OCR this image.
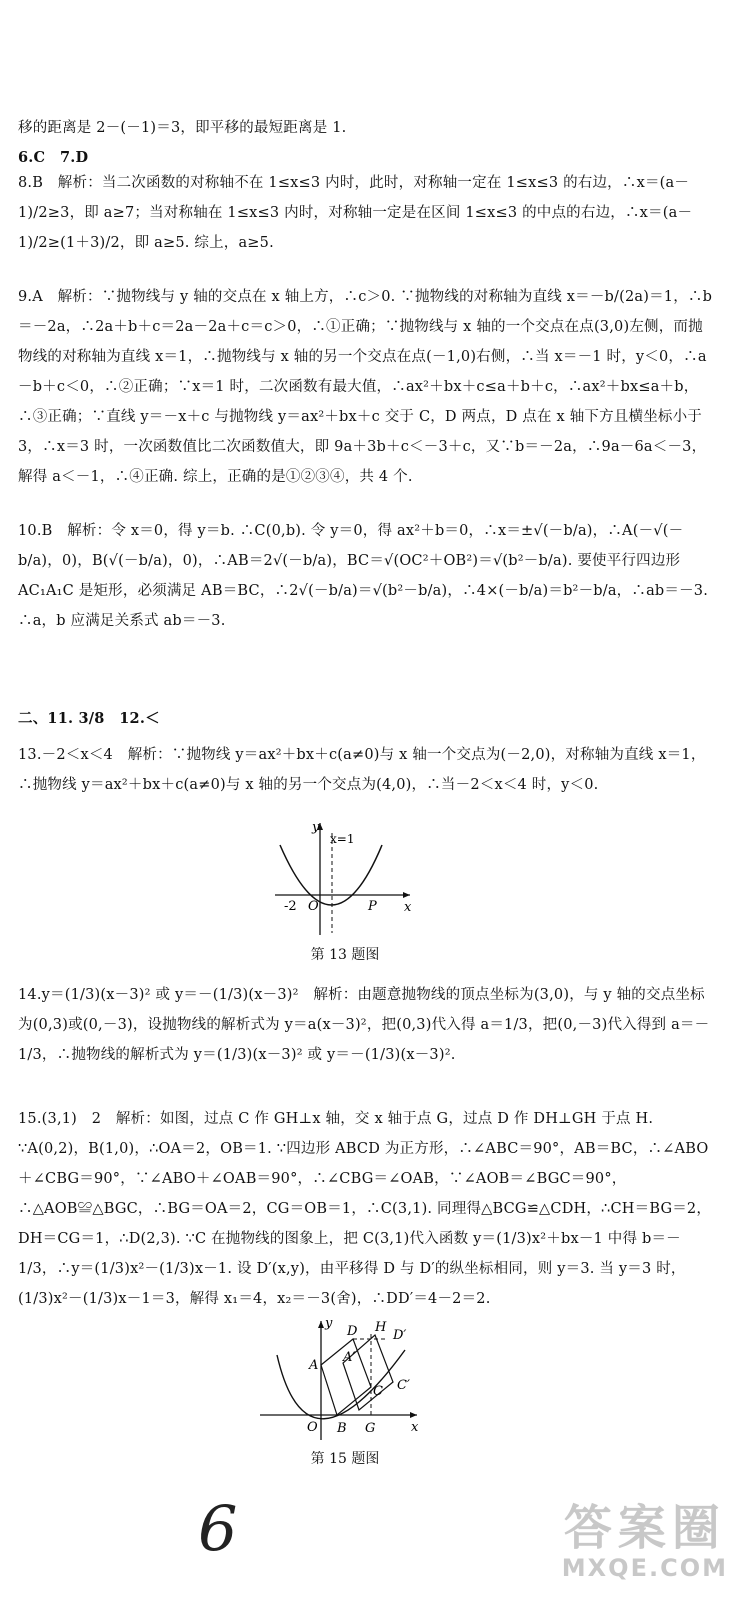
移的距离是 2－(－1)＝3，即平移的最短距离是 1.
6.C　7.D
8.B　解析：当二次函数的对称轴不在 1≤x≤3 内时，此时，对称轴一定在 1≤x≤3 的右边，∴x＝(a－1)/2≥3，即 a≥7；当对称轴在 1≤x≤3 内时，对称轴一定是在区间 1≤x≤3 的中点的右边，∴x＝(a－1)/2≥(1＋3)/2，即 a≥5. 综上，a≥5.
9.A　解析：∵抛物线与 y 轴的交点在 x 轴上方，∴c＞0. ∵抛物线的对称轴为直线 x＝－b/(2a)＝1，∴b＝－2a，∴2a＋b＋c＝2a－2a＋c＝c＞0，∴①正确；∵抛物线与 x 轴的一个交点在点(3,0)左侧，而抛物线的对称轴为直线 x＝1，∴抛物线与 x 轴的另一个交点在点(－1,0)右侧，∴当 x＝－1 时，y＜0，∴a－b＋c＜0，∴②正确；∵x＝1 时，二次函数有最大值，∴ax²＋bx＋c≤a＋b＋c，∴ax²＋bx≤a＋b，∴③正确；∵直线 y＝－x＋c 与抛物线 y＝ax²＋bx＋c 交于 C，D 两点，D 点在 x 轴下方且横坐标小于 3，∴x＝3 时，一次函数值比二次函数值大，即 9a＋3b＋c＜－3＋c，又∵b＝－2a，∴9a－6a＜－3，解得 a＜－1，∴④正确. 综上，正确的是①②③④，共 4 个.
10.B　解析：令 x＝0，得 y＝b. ∴C(0,b). 令 y＝0，得 ax²＋b＝0，∴x＝±√(－b/a)，∴A(－√(－b/a)，0)，B(√(－b/a)，0)，∴AB＝2√(－b/a)，BC＝√(OC²＋OB²)＝√(b²－b/a). 要使平行四边形 AC₁A₁C 是矩形，必须满足 AB＝BC，∴2√(－b/a)＝√(b²－b/a)，∴4×(－b/a)＝b²－b/a，∴ab＝－3. ∴a，b 应满足关系式 ab＝－3.
二、11. 3/8　12.＜
13.－2＜x＜4　解析：∵抛物线 y＝ax²＋bx＋c(a≠0)与 x 轴一个交点为(－2,0)，对称轴为直线 x＝1，∴抛物线 y＝ax²＋bx＋c(a≠0)与 x 轴的另一个交点为(4,0)，∴当－2＜x＜4 时，y＜0.
y
x
x=1
-2 O	P
第 13 题图
14.y＝(1/3)(x－3)² 或 y＝－(1/3)(x－3)²　解析：由题意抛物线的顶点坐标为(3,0)，与 y 轴的交点坐标为(0,3)或(0,－3)，设抛物线的解析式为 y＝a(x－3)²，把(0,3)代入得 a＝1/3，把(0,－3)代入得到 a＝－1/3，∴抛物线的解析式为 y＝(1/3)(x－3)² 或 y＝－(1/3)(x－3)².
15.(3,1)　2　解析：如图，过点 C 作 GH⊥x 轴，交 x 轴于点 G，过点 D 作 DH⊥GH 于点 H. ∵A(0,2)，B(1,0)，∴OA＝2，OB＝1. ∵四边形 ABCD 为正方形，∴∠ABC＝90°，AB＝BC，∴∠ABO＋∠CBG＝90°，∵∠ABO＋∠OAB＝90°，∴∠CBG＝∠OAB，∵∠AOB＝∠BGC＝90°，∴△AOB≌△BGC，∴BG＝OA＝2，CG＝OB＝1，∴C(3,1). 同理得△BCG≌△CDH，∴CH＝BG＝2，DH＝CG＝1，∴D(2,3). ∵C 在抛物线的图象上，把 C(3,1)代入函数 y＝(1/3)x²＋bx－1 中得 b＝－1/3，∴y＝(1/3)x²－(1/3)x－1. 设 D′(x,y)，由平移得 D 与 D′的纵坐标相同，则 y＝3. 当 y＝3 时，(1/3)x²－(1/3)x－1＝3，解得 x₁＝4，x₂＝－3(舍)，∴DD′＝4－2＝2.
y
x
O B G
A
D H
D′
A′
C C′
第 15 题图
6	答案圈
MXQE.COM
